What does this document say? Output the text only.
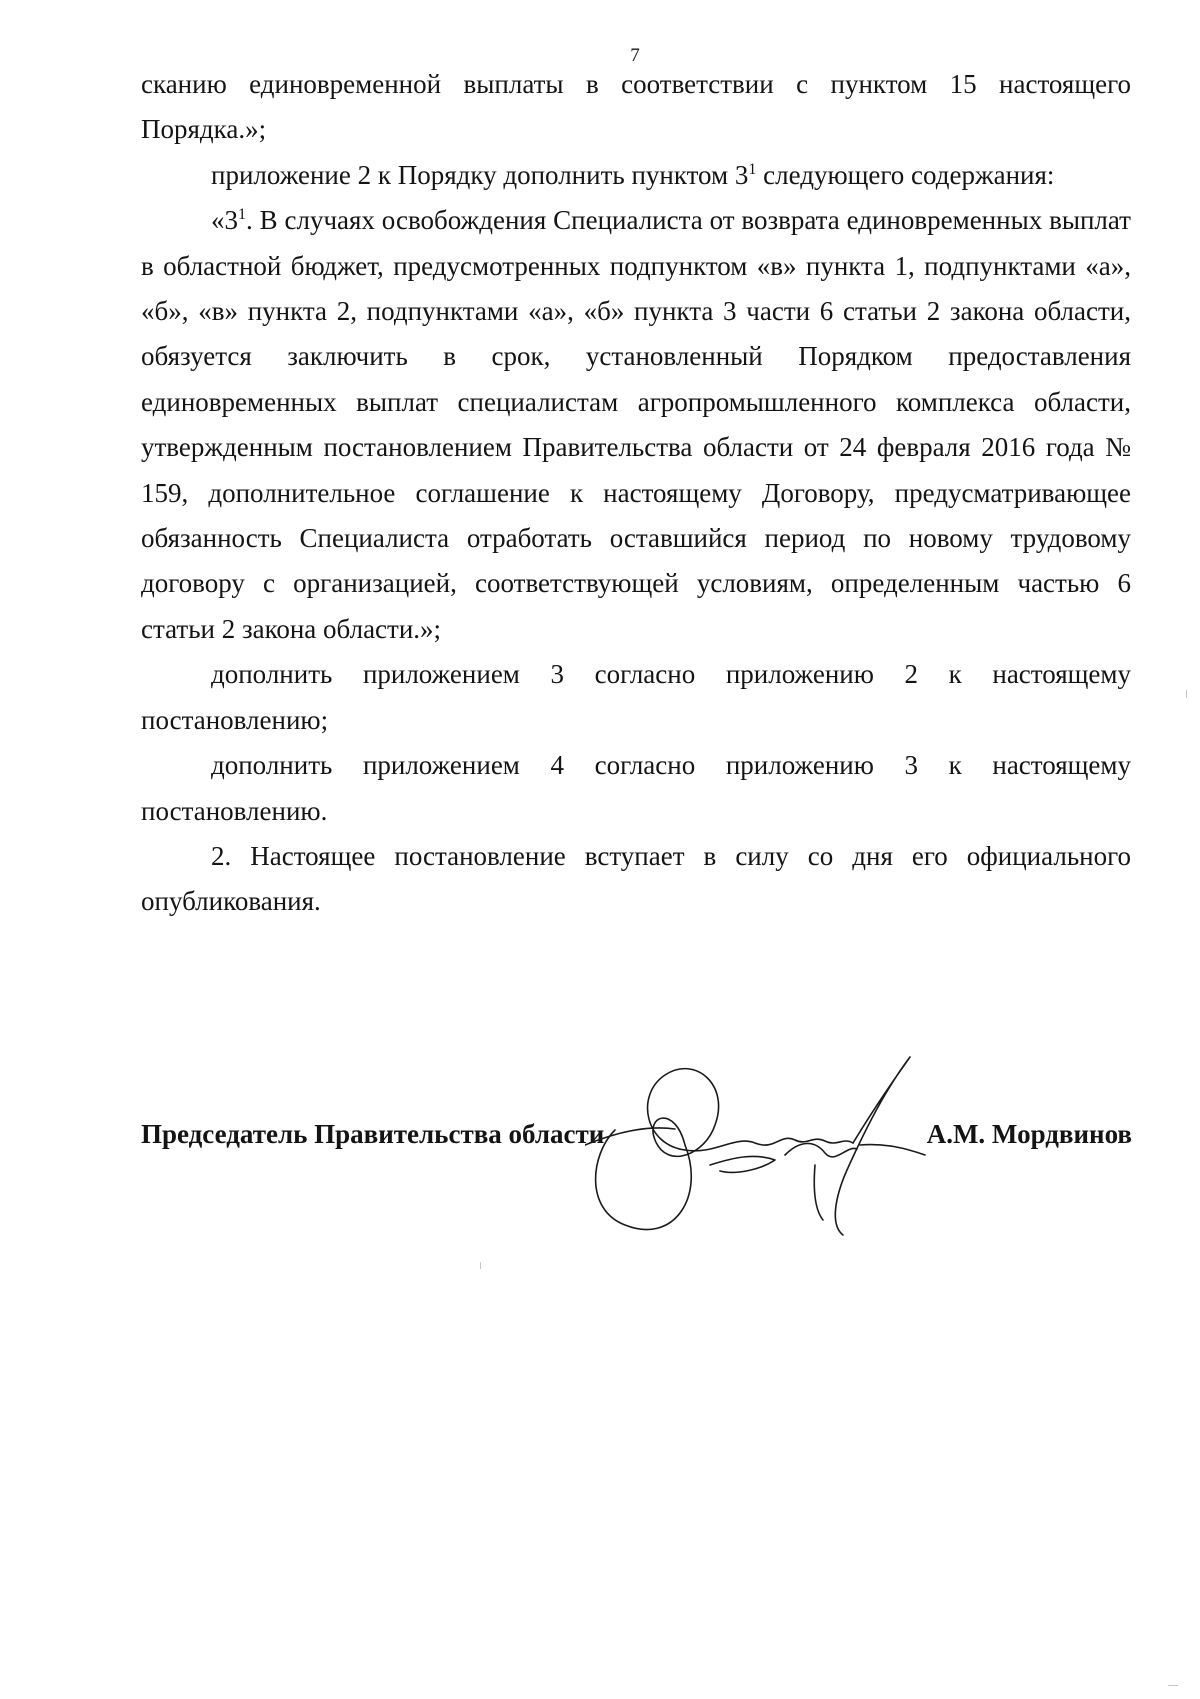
7

сканию единовременной выплаты в соответствии с пунктом 15 настоящего Порядка.»;

приложение 2 к Порядку дополнить пунктом $3^1$ следующего содержания:

«$3^1$. В случаях освобождения Специалиста от возврата единовременных выплат в областной бюджет, предусмотренных подпунктом «в» пункта 1, подпунктами «а», «б», «в» пункта 2, подпунктами «а», «б» пункта 3 части 6 статьи 2 закона области, обязуется заключить в срок, установленный Порядком предоставления единовременных выплат специалистам агропромышленного комплекса области, утвержденным постановлением Правительства области от 24 февраля 2016 года № 159, дополнительное соглашение к настоящему Договору, предусматривающее обязанность Специалиста отработать оставшийся период по новому трудовому договору с организацией, соответствующей условиям, определенным частью 6 статьи 2 закона области.»;

дополнить приложением 3 согласно приложению 2 к настоящему постановлению;

дополнить приложением 4 согласно приложению 3 к настоящему постановлению.

2. Настоящее постановление вступает в силу со дня его официального опубликования.

Председатель Правительства области	А.М. Мордвинов
